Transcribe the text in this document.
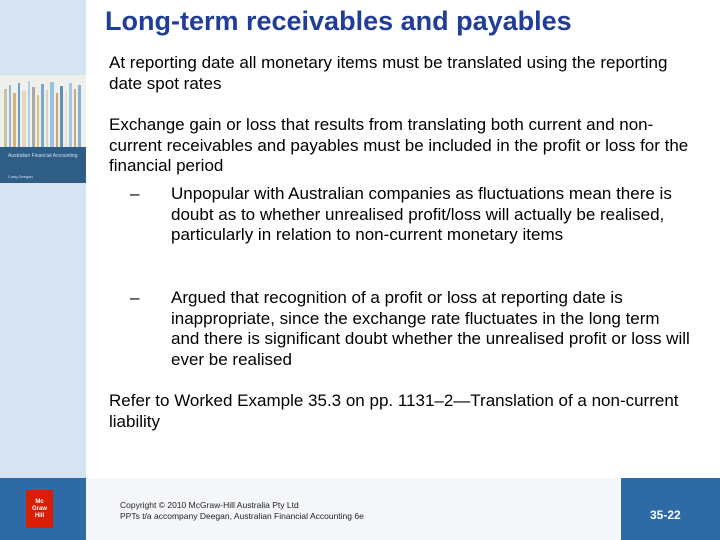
Australian Financial Accounting
Craig Deegan
Long-term receivables and payables

At reporting date all monetary items must be translated using the reporting date spot rates

Exchange gain or loss that results from translating both current and non-current receivables and payables must be included in the profit or loss for the financial period

– Unpopular with Australian companies as fluctuations mean there is doubt as to whether unrealised profit/loss will actually be realised, particularly in relation to non-current monetary items

– Argued that recognition of a profit or loss at reporting date is inappropriate, since the exchange rate fluctuates in the long term and there is significant doubt whether the unrealised profit or loss will ever be realised

Refer to Worked Example 35.3 on pp. 1131–2—Translation of a non-current liability

Mc
Graw
Hill
Copyright © 2010 McGraw-Hill Australia Pty Ltd
PPTs t/a accompany Deegan, Australian Financial Accounting 6e	35-22
